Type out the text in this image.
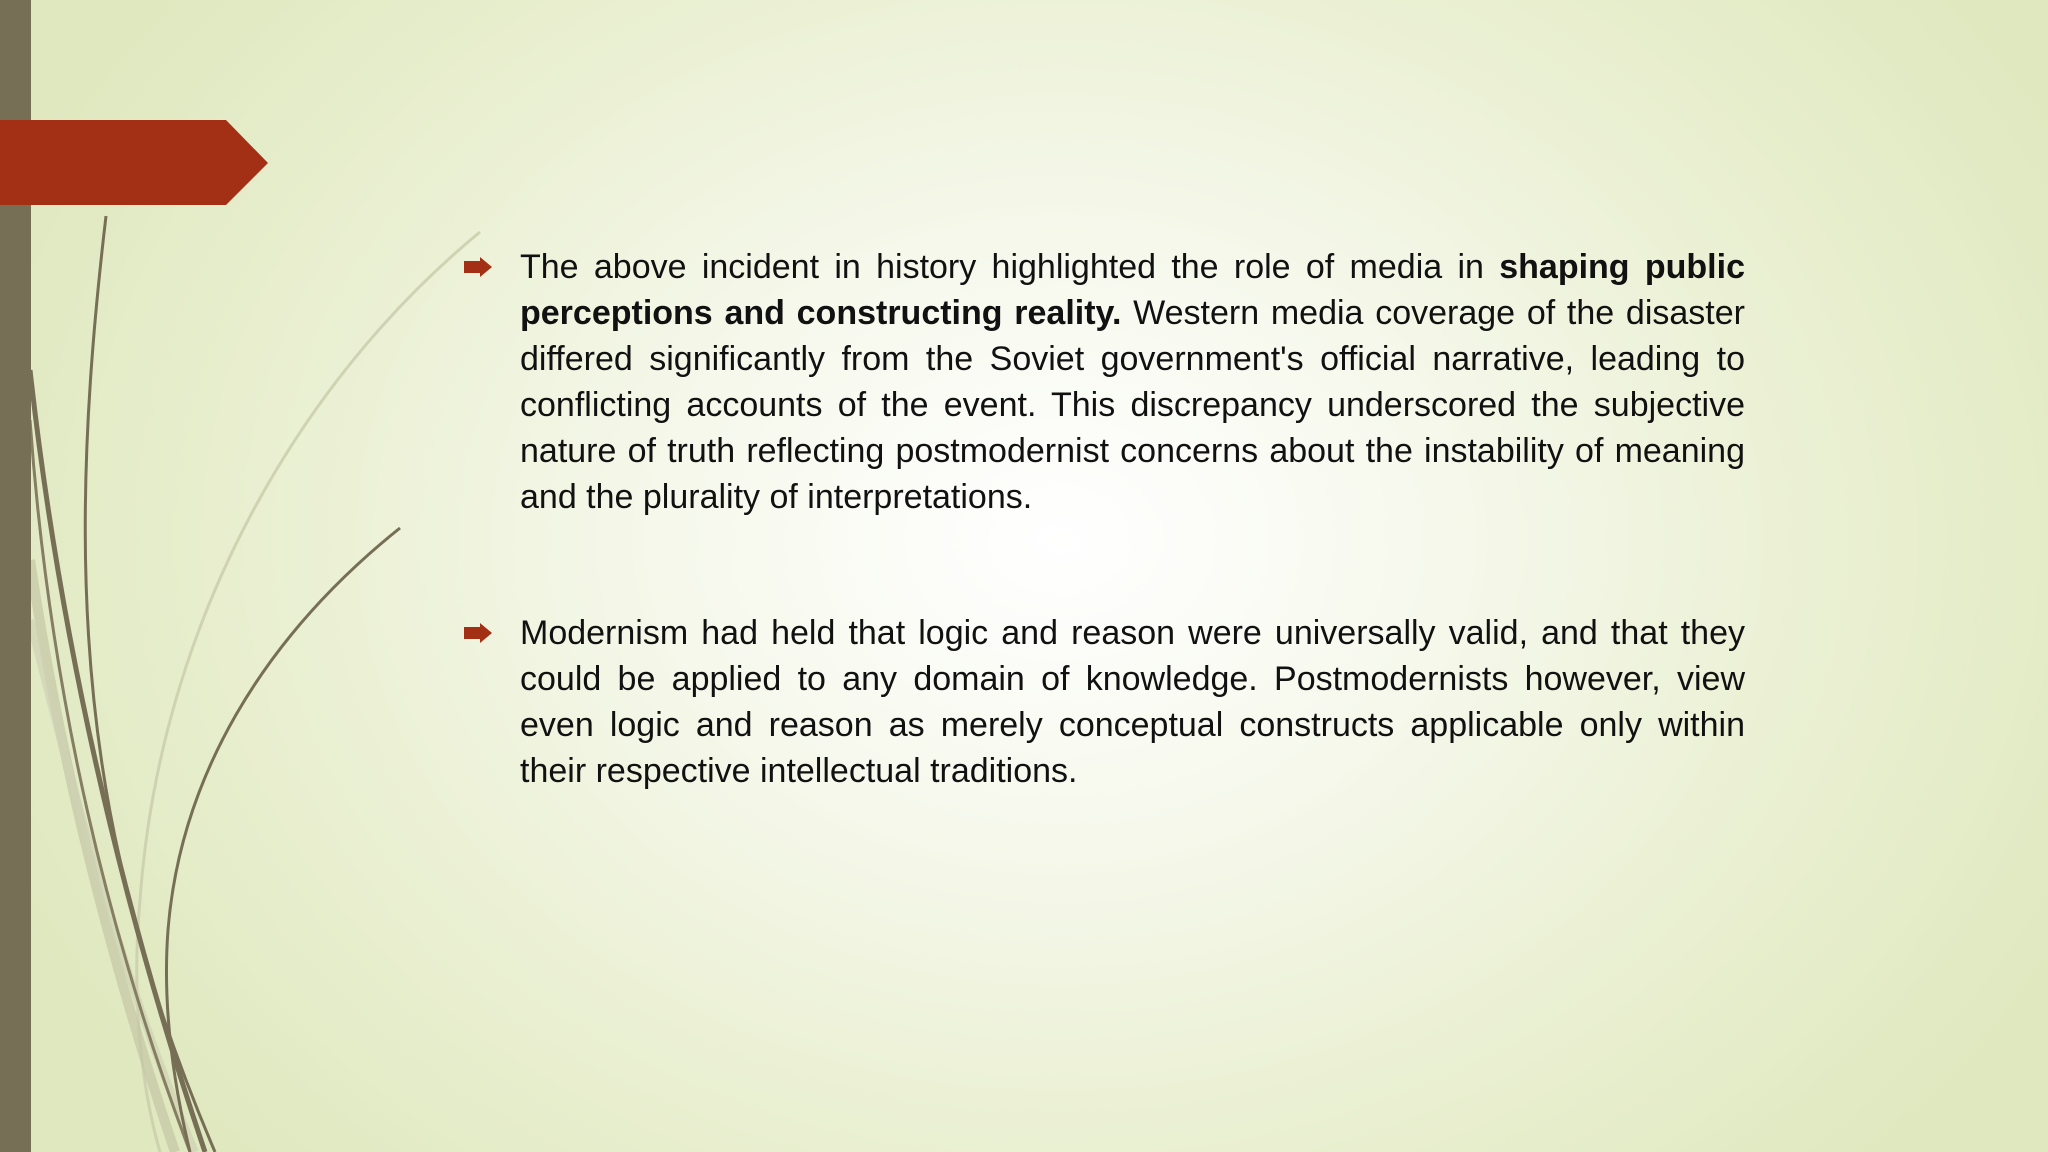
The above incident in history highlighted the role of media in shaping public perceptions and constructing reality. Western media coverage of the disaster differed significantly from the Soviet government's official narrative, leading to conflicting accounts of the event. This discrepancy underscored the subjective nature of truth reflecting postmodernist concerns about the instability of meaning and the plurality of interpretations.
Modernism had held that logic and reason were universally valid, and that they could be applied to any domain of knowledge. Postmodernists however, view even logic and reason as merely conceptual constructs applicable only within their respective intellectual traditions.
